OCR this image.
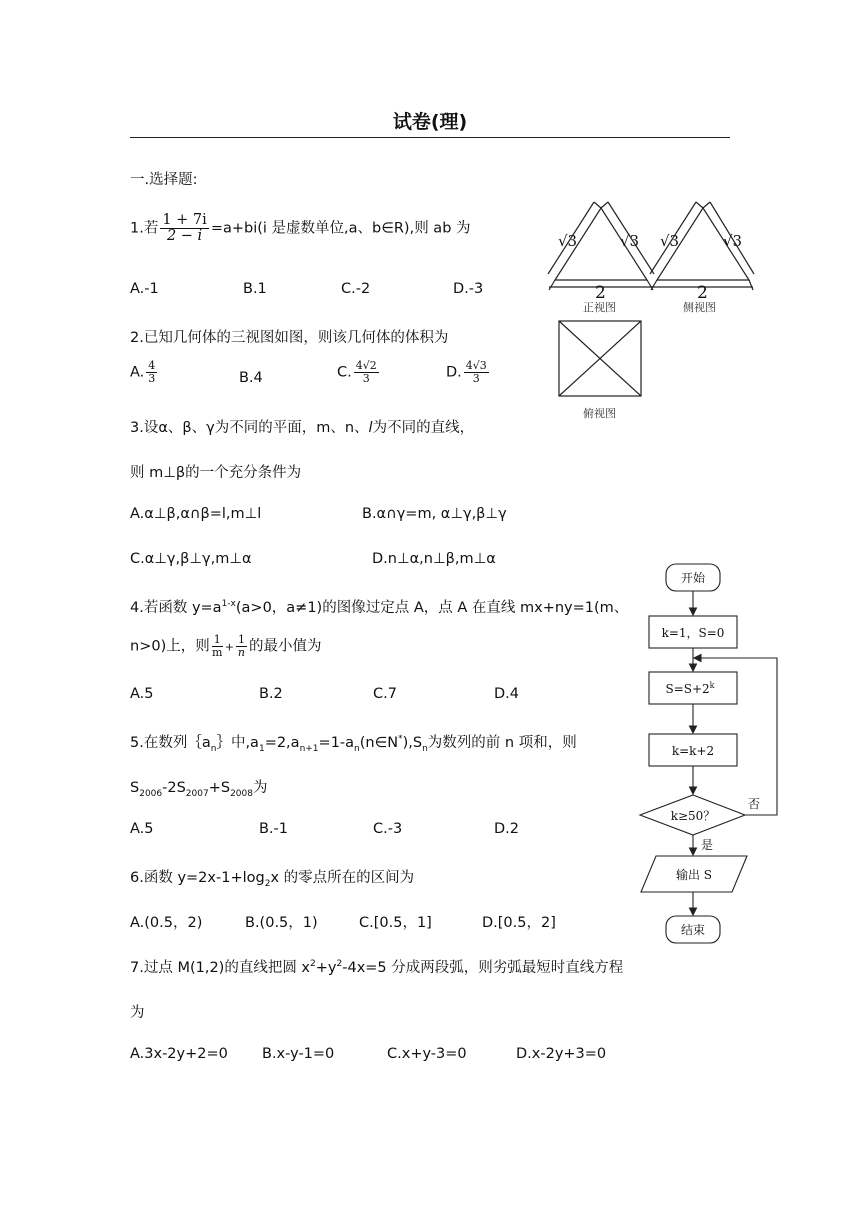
试卷(理)
一.选择题:
1.若 $\frac{1 + 7i}{2 - i} =a+bi(i$ 是虚数单位,a、b∈R),则 ab 为
A.-1	B.1	C.-2	D.-3
2.已知几何体的三视图如图，则该几何体的体积为
A. $\frac{4}{3}$	B.4	C. $\frac{4√2}{3}$	D. $\frac{4√3}{3}$
3.设α、β、γ为不同的平面，m、n、l为不同的直线，
则 m⊥β的一个充分条件为
A.α⊥β,α∩β=l,m⊥l	B.α∩γ=m, α⊥γ,β⊥γ
C.α⊥γ,β⊥γ,m⊥α	D.n⊥α,n⊥β,m⊥α
4.若函数 $y=a^{1-x}(a>0$，a≠1)的图像过定点 A，点 A 在直线 mx+ny=1(m、
n>0)上，则 $\frac{1}{m} + \frac{1}{n}$ 的最小值为
A.5	B.2	C.7	D.4
5.在数列$\{a_n\}$中$,a_1=2,a_{n+1}=1-a_n(n\in N^*),S_n$为数列的前 n 项和，则
$S_{2006}-2S_{2007}+S_{2008}$为
A.5	B.-1	C.-3	D.2
6.函数 $y=2x-1+\log_2x$ 的零点所在的区间为
A.(0.5，2)	B.(0.5，1)	C.[0.5，1]	D.[0.5，2]
7.过点 M(1,2)的直线把圆 $x^2+y^2-4x=5$ 分成两段弧，则劣弧最短时直线方程
为
A.3x-2y+2=0 B.x-y-1=0	C.x+y-3=0	D.x-2y+3=0
√3	√3 √3	√3
2	2
正视图	侧视图
俯视图
开始
k=1，S=0
$S=S+2^k$
k=k+2
k≥50？
否
是
输出 S
结束
